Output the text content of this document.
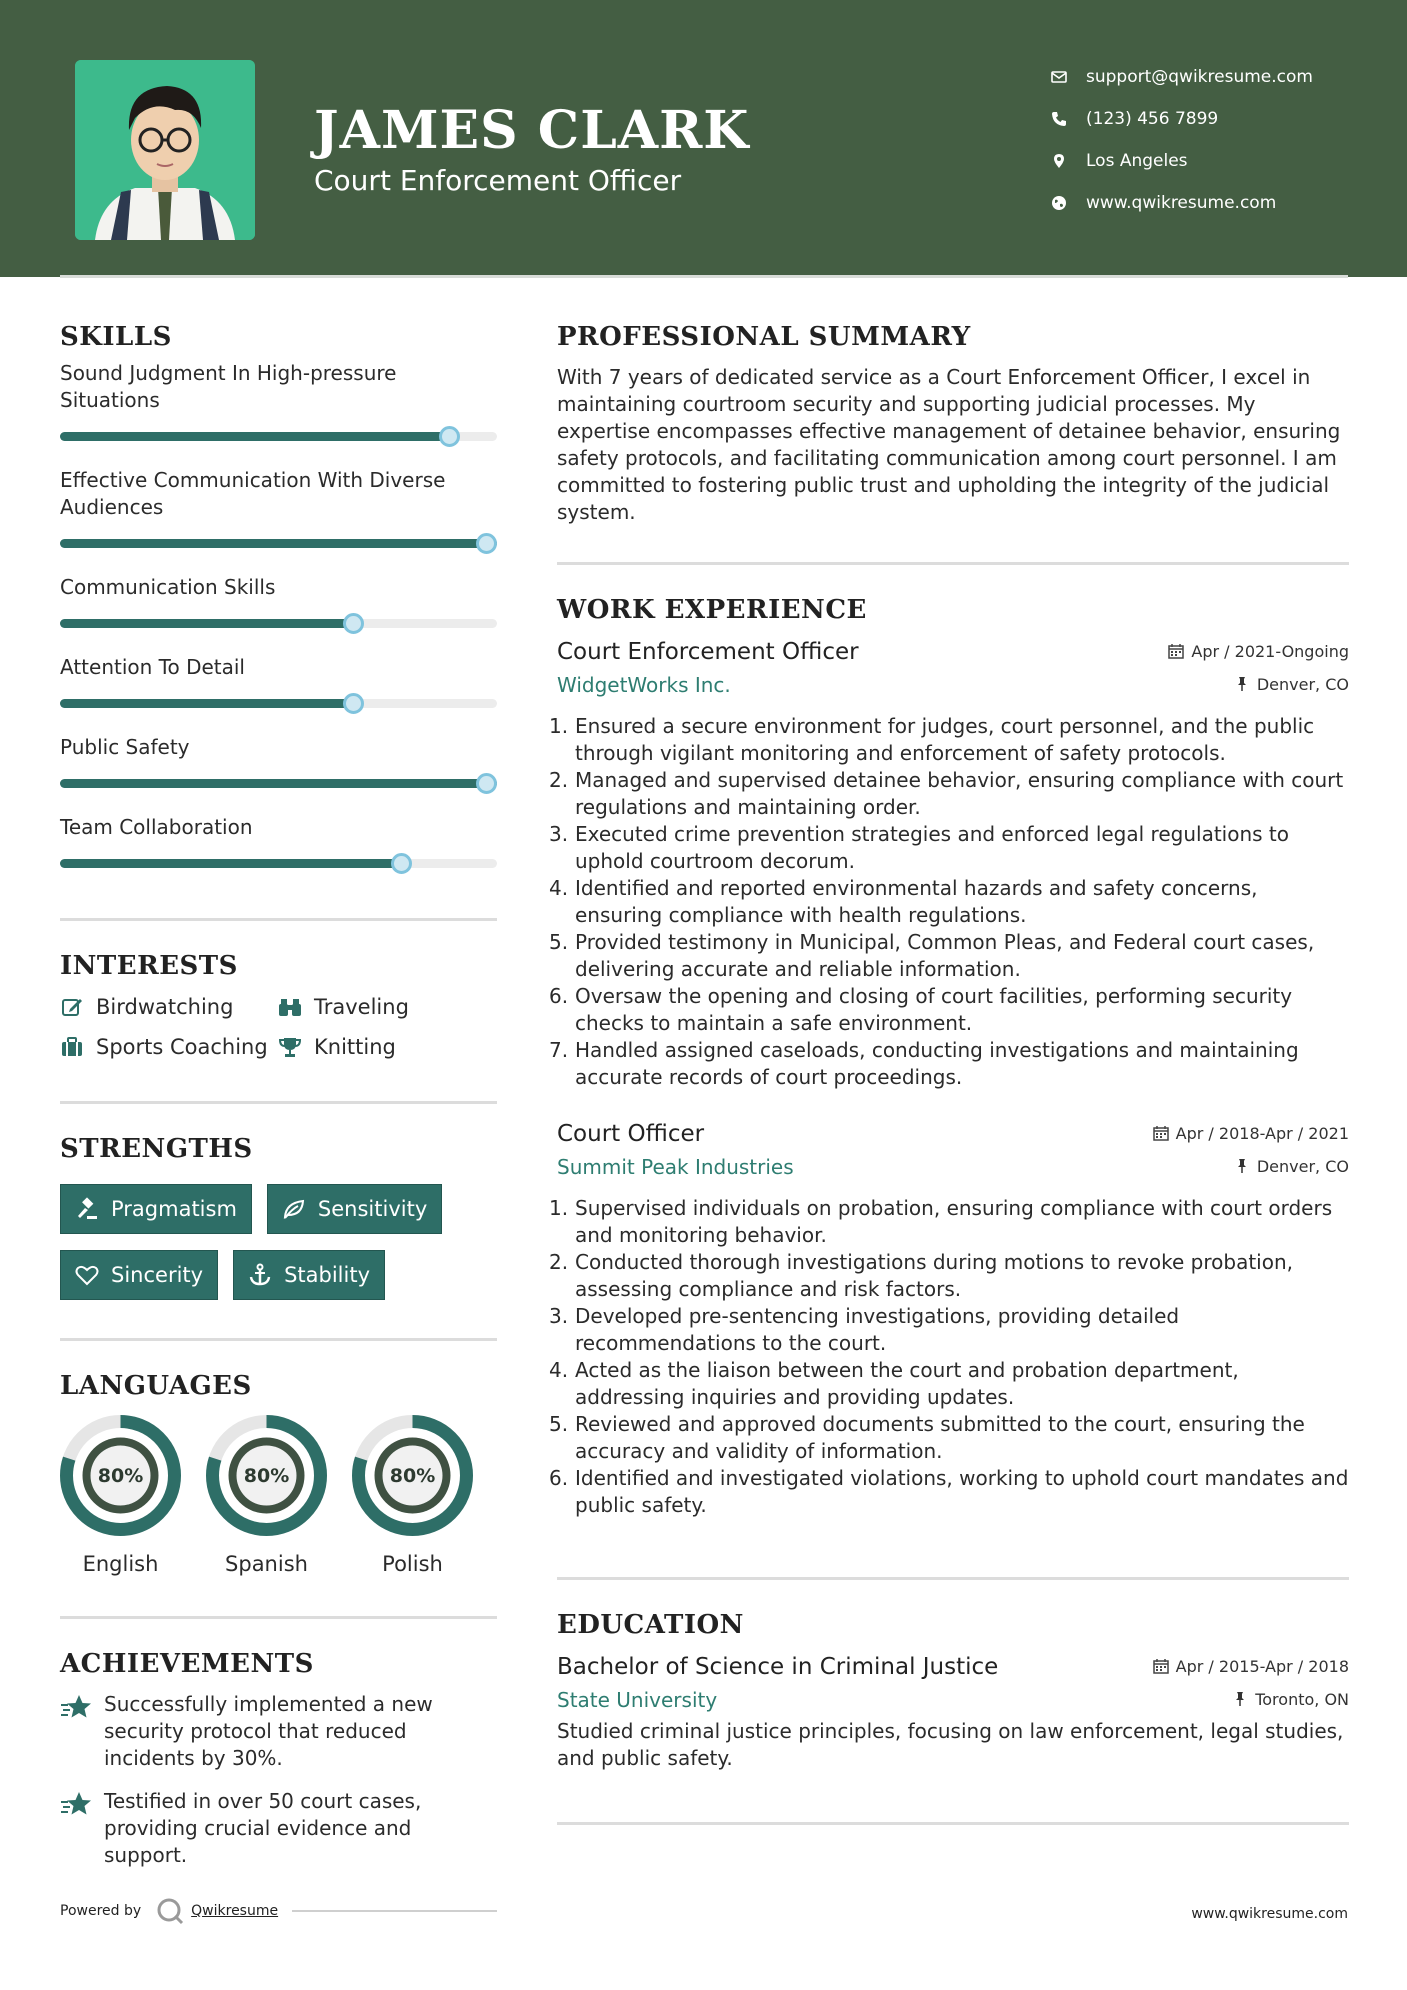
JAMES CLARK
Court Enforcement Officer
support@qwikresume.com
(123) 456 7899
Los Angeles
www.qwikresume.com
SKILLS
Sound Judgment In High-pressure Situations
Effective Communication With Diverse Audiences
Communication Skills
Attention To Detail
Public Safety
Team Collaboration
INTERESTS
Birdwatching	Traveling
Sports Coaching Knitting
STRENGTHS
Pragmatism	Sensitivity
Sincerity	Stability
LANGUAGES
80%
English
80%
Spanish
80%
Polish
ACHIEVEMENTS
Successfully implemented a new security protocol that reduced incidents by 30%.
Testified in over 50 court cases, providing crucial evidence and support.
Powered by	Qwikresume	www.qwikresume.com
PROFESSIONAL SUMMARY
With 7 years of dedicated service as a Court Enforcement Officer, I excel in maintaining courtroom security and supporting judicial processes. My expertise encompasses effective management of detainee behavior, ensuring safety protocols, and facilitating communication among court personnel. I am committed to fostering public trust and upholding the integrity of the judicial system.
WORK EXPERIENCE
Court Enforcement Officer	Apr / 2021-Ongoing
WidgetWorks Inc.	Denver, CO
Ensured a secure environment for judges, court personnel, and the public through vigilant monitoring and enforcement of safety protocols.
Managed and supervised detainee behavior, ensuring compliance with court regulations and maintaining order.
Executed crime prevention strategies and enforced legal regulations to uphold courtroom decorum.
Identified and reported environmental hazards and safety concerns, ensuring compliance with health regulations.
Provided testimony in Municipal, Common Pleas, and Federal court cases, delivering accurate and reliable information.
Oversaw the opening and closing of court facilities, performing security checks to maintain a safe environment.
Handled assigned caseloads, conducting investigations and maintaining accurate records of court proceedings.
Court Officer	Apr / 2018-Apr / 2021
Summit Peak Industries	Denver, CO
Supervised individuals on probation, ensuring compliance with court orders and monitoring behavior.
Conducted thorough investigations during motions to revoke probation, assessing compliance and risk factors.
Developed pre-sentencing investigations, providing detailed recommendations to the court.
Acted as the liaison between the court and probation department, addressing inquiries and providing updates.
Reviewed and approved documents submitted to the court, ensuring the accuracy and validity of information.
Identified and investigated violations, working to uphold court mandates and public safety.
EDUCATION
Bachelor of Science in Criminal Justice	Apr / 2015-Apr / 2018
State University	Toronto, ON
Studied criminal justice principles, focusing on law enforcement, legal studies, and public safety.
